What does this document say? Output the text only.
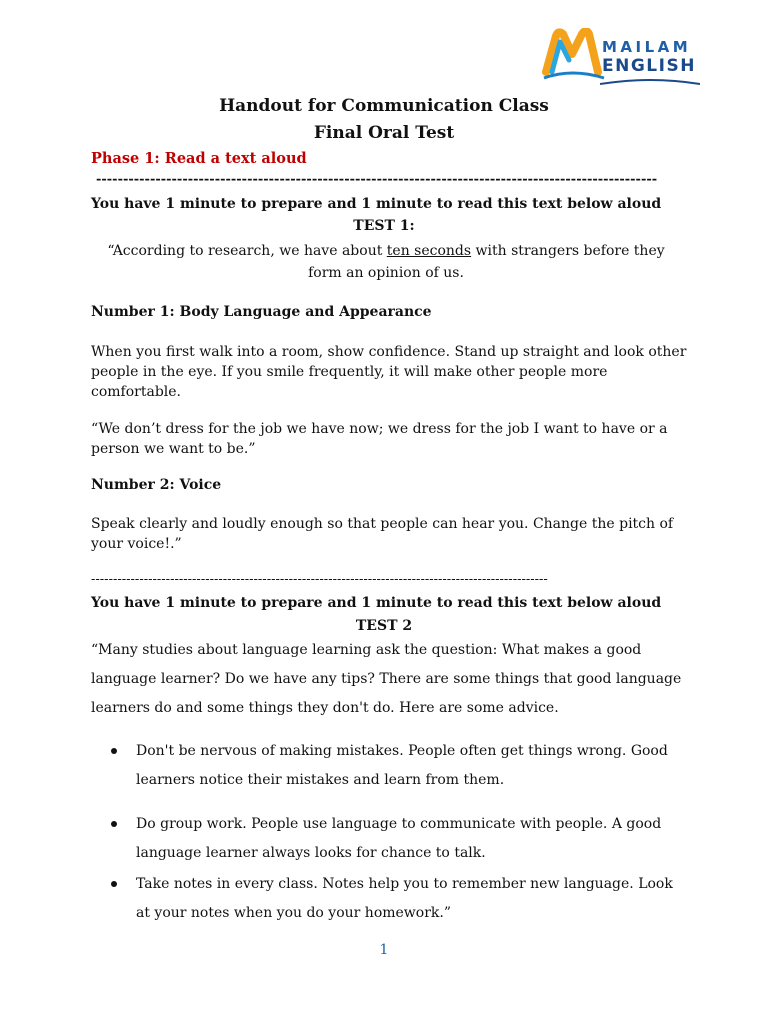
MAILAM
ENGLISH
Handout for Communication Class
Final Oral Test
Phase 1: Read a text aloud
--------------------------------------------------------------------------------------------------------
You have 1 minute to prepare and 1 minute to read this text below aloud
TEST 1:
“According to research, we have about ten seconds with strangers before they form an opinion of us.
Number 1: Body Language and Appearance
When you first walk into a room, show confidence. Stand up straight and look other people in the eye. If you smile frequently, it will make other people more comfortable.
“We don’t dress for the job we have now; we dress for the job I want to have or a person we want to be.”
Number 2: Voice
Speak clearly and loudly enough so that people can hear you. Change the pitch of your voice!.”
--------------------------------------------------------------------------------------------------------
You have 1 minute to prepare and 1 minute to read this text below aloud
TEST 2
“Many studies about language learning ask the question: What makes a good language learner? Do we have any tips? There are some things that good language learners do and some things they don't do. Here are some advice.
Don't be nervous of making mistakes. People often get things wrong. Good learners notice their mistakes and learn from them.
Do group work. People use language to communicate with people. A good language learner always looks for chance to talk.
Take notes in every class. Notes help you to remember new language. Look at your notes when you do your homework.”
1
